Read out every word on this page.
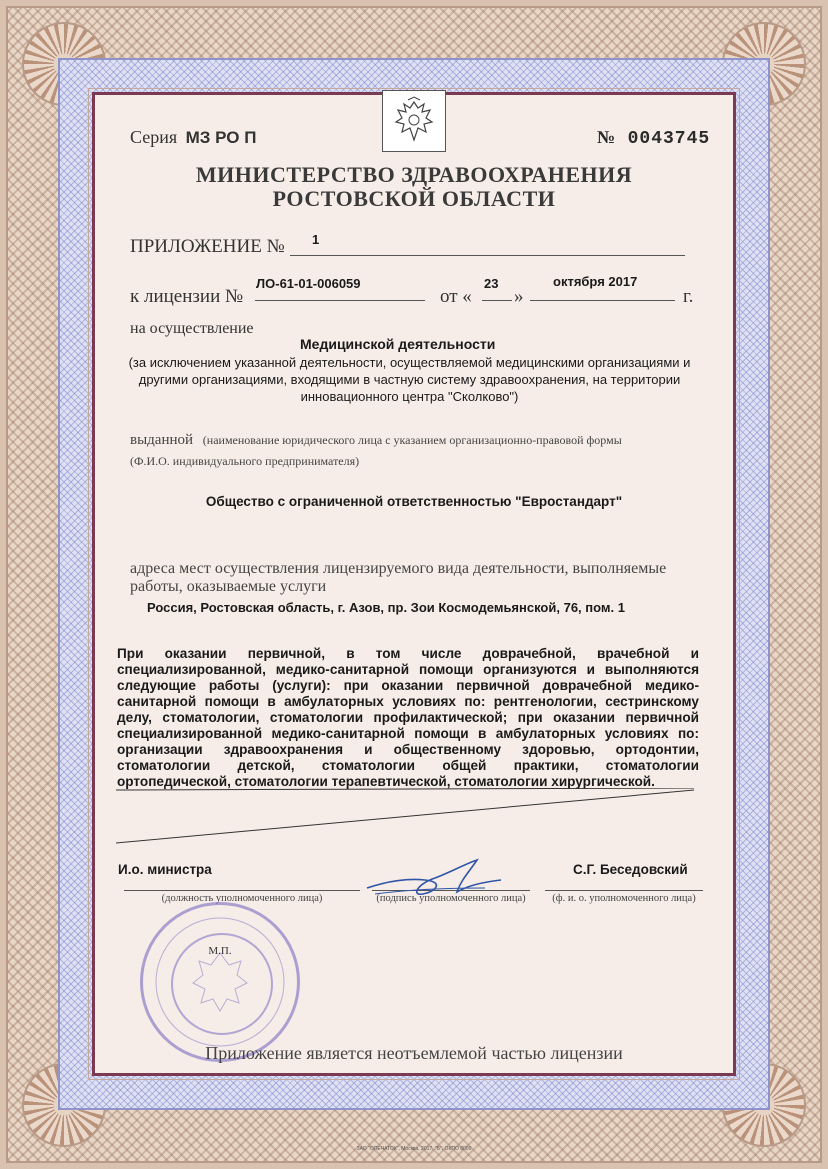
Серия МЗ РО П	№ 0043745
МИНИСТЕРСТВО ЗДРАВООХРАНЕНИЯ
РОСТОВСКОЙ ОБЛАСТИ
ПРИЛОЖЕНИЕ № 1
к лицензии №
ЛО-61-01-006059
от «
23
»
октября 2017
г.
на осуществление
Медицинской деятельности
(за исключением указанной деятельности, осуществляемой медицинскими организациями и другими организациями, входящими в частную систему здравоохранения, на территории инновационного центра "Сколково")
выданной (наименование юридического лица с указанием организационно-правовой формы
(Ф.И.О. индивидуального предпринимателя)
Общество с ограниченной ответственностью "Евростандарт"
адреса мест осуществления лицензируемого вида деятельности, выполняемые работы, оказываемые услуги
Россия, Ростовская область, г. Азов, пр. Зои Космодемьянской, 76, пом. 1
При оказании первичной, в том числе доврачебной, врачебной и специализированной, медико-санитарной помощи организуются и выполняются следующие работы (услуги): при оказании первичной доврачебной медико-санитарной помощи в амбулаторных условиях по: рентгенологии, сестринскому делу, стоматологии, стоматологии профилактической; при оказании первичной специализированной медико-санитарной помощи в амбулаторных условиях по: организации здравоохранения и общественному здоровью, ортодонтии, стоматологии детской, стоматологии общей практики, стоматологии ортопедической, стоматологии терапевтической, стоматологии хирургической.
И.о. министра	С.Г. Беседовский
(должность уполномоченного лица)	(подпись уполномоченного лица)	(ф. и. о. уполномоченного лица)
М.П.
Приложение является неотъемлемой частью лицензии
ЗАО "ОПЕЧАТОК", Москва, 2017, "Б", ОКПО 8000
